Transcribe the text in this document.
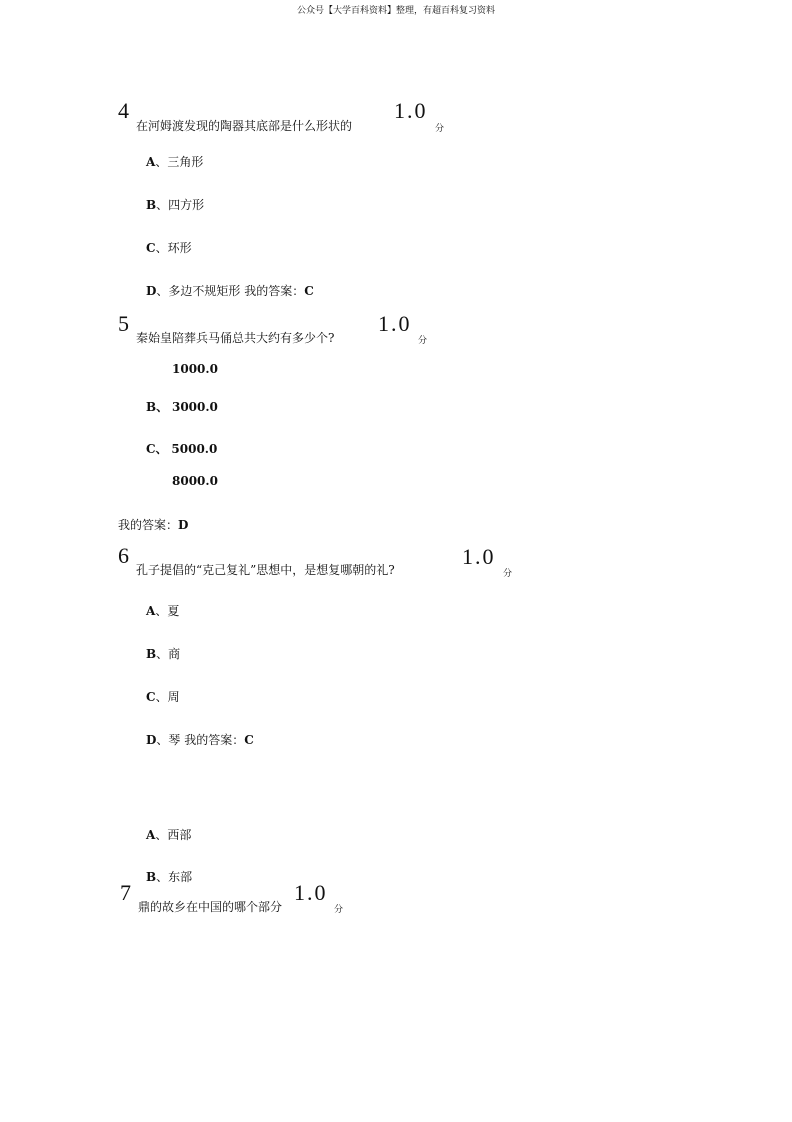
公众号【大学百科资料】整理，有超百科复习资料
4
在河姆渡发现的陶器其底部是什么形状的
1.0
分
A、三角形
B、四方形
C、环形
D、多边不规矩形 我的答案：C
5
秦始皇陪葬兵马俑总共大约有多少个?
1.0
分
1000.0
B、 3000.0
C、 5000.0
8000.0
我的答案：D
6
孔子提倡的“克己复礼”思想中，是想复哪朝的礼?
1.0
分
A、夏
B、商
C、周
D、琴 我的答案：C
A、西部
B、东部
7
鼎的故乡在中国的哪个部分
1.0
分
